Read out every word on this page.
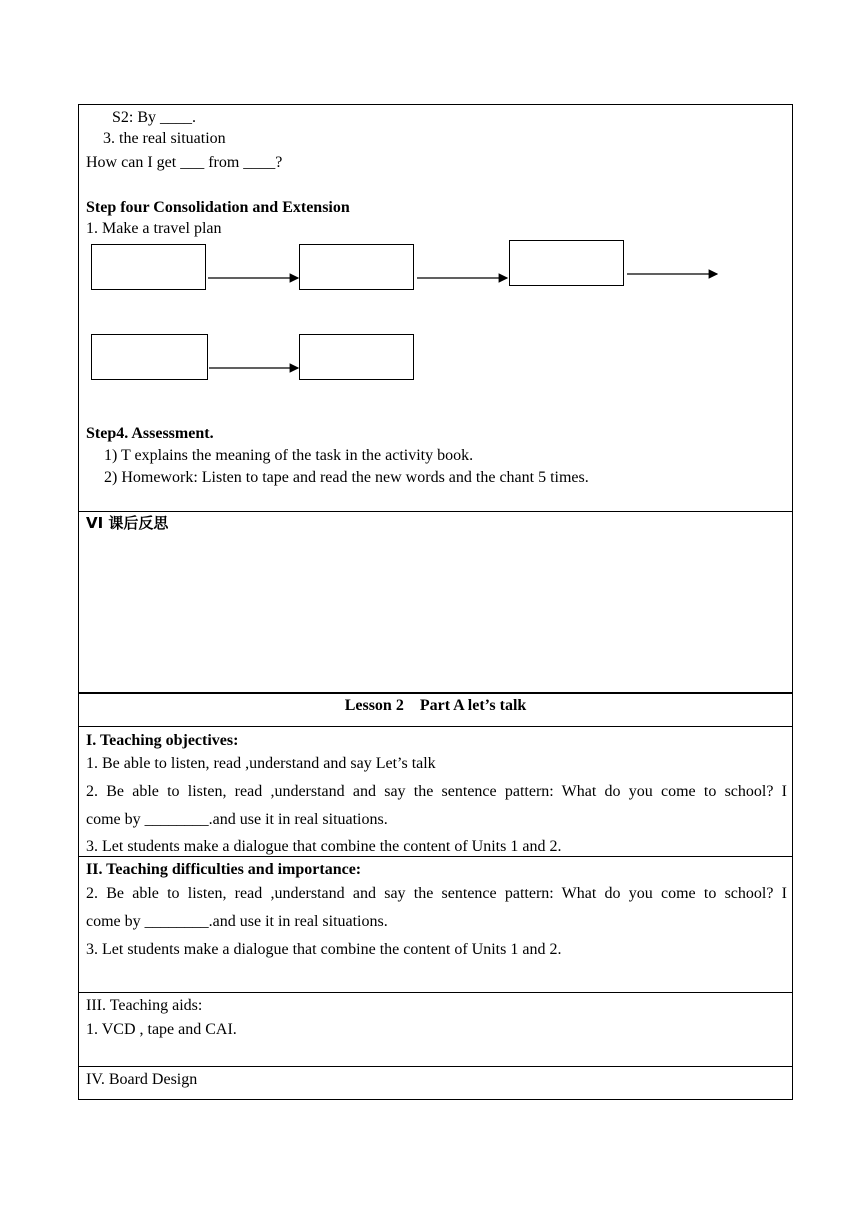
S2: By ____.
3. the real situation
How can I get ___ from ____?
Step four Consolidation and Extension
1. Make a travel plan
Step4. Assessment.
1) T explains the meaning of the task in the activity book.
2) Homework: Listen to tape and read the new words and the chant 5 times.
VI 课后反思
Lesson 2    Part A let’s talk
I. Teaching objectives:
1. Be able to listen, read ,understand and say Let’s talk
2. Be able to listen, read ,understand and say the sentence pattern: What do you come to school? I
come by ________.and use it in real situations.
3. Let students make a dialogue that combine the content of Units 1 and 2.
II. Teaching difficulties and importance:
2. Be able to listen, read ,understand and say the sentence pattern: What do you come to school? I
come by ________.and use it in real situations.
3. Let students make a dialogue that combine the content of Units 1 and 2.
III. Teaching aids:
1. VCD , tape and CAI.
IV. Board Design
